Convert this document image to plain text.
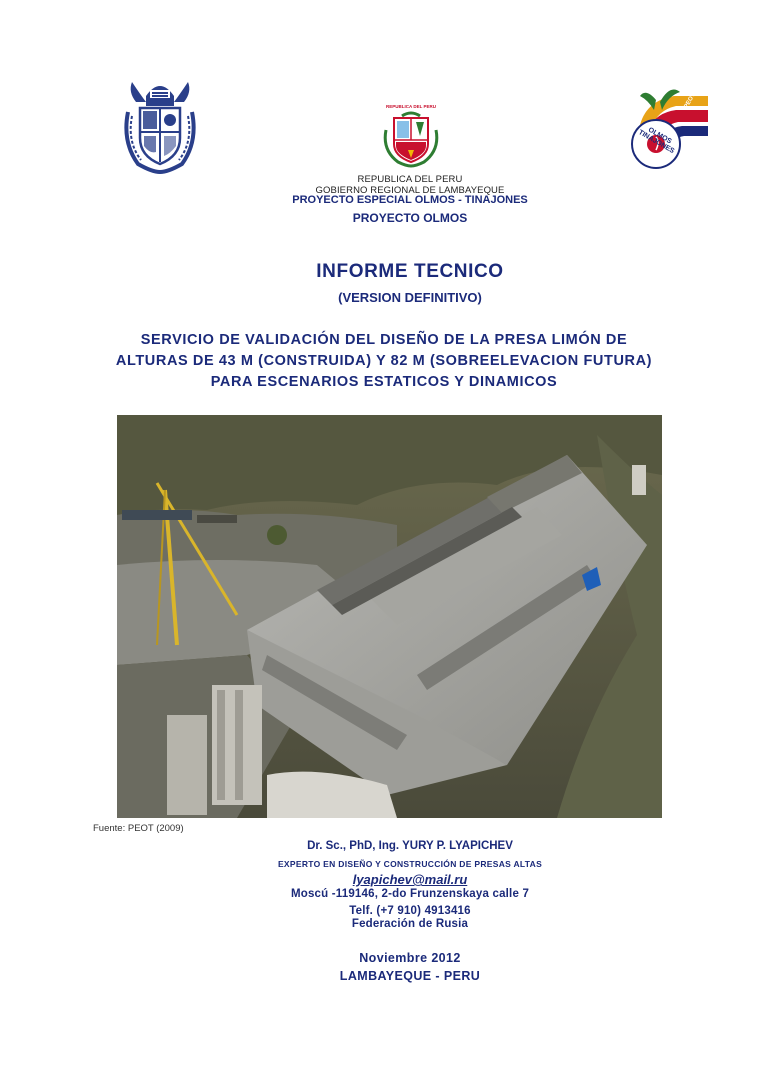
REPUBLICA DEL PERU
OLMOS TINAJONES
PEOT
REPUBLICA DEL PERU
GOBIERNO REGIONAL DE LAMBAYEQUE
PROYECTO ESPECIAL OLMOS - TINAJONES
PROYECTO OLMOS
INFORME TECNICO
(VERSION DEFINITIVO)
SERVICIO DE VALIDACIÓN DEL DISEÑO DE LA PRESA LIMÓN DE
ALTURAS DE 43 M (CONSTRUIDA) Y 82 M (SOBREELEVACION FUTURA)
PARA ESCENARIOS ESTATICOS Y DINAMICOS
Fuente: PEOT (2009)
Dr. Sc., PhD, Ing. YURY P. LYAPICHEV
EXPERTO EN DISEÑO Y CONSTRUCCIÓN DE PRESAS ALTAS
lyapichev@mail.ru
Moscú -119146, 2-do Frunzenskaya calle 7
Telf. (+7 910) 4913416
Federación de Rusia
Noviembre 2012
LAMBAYEQUE - PERU
